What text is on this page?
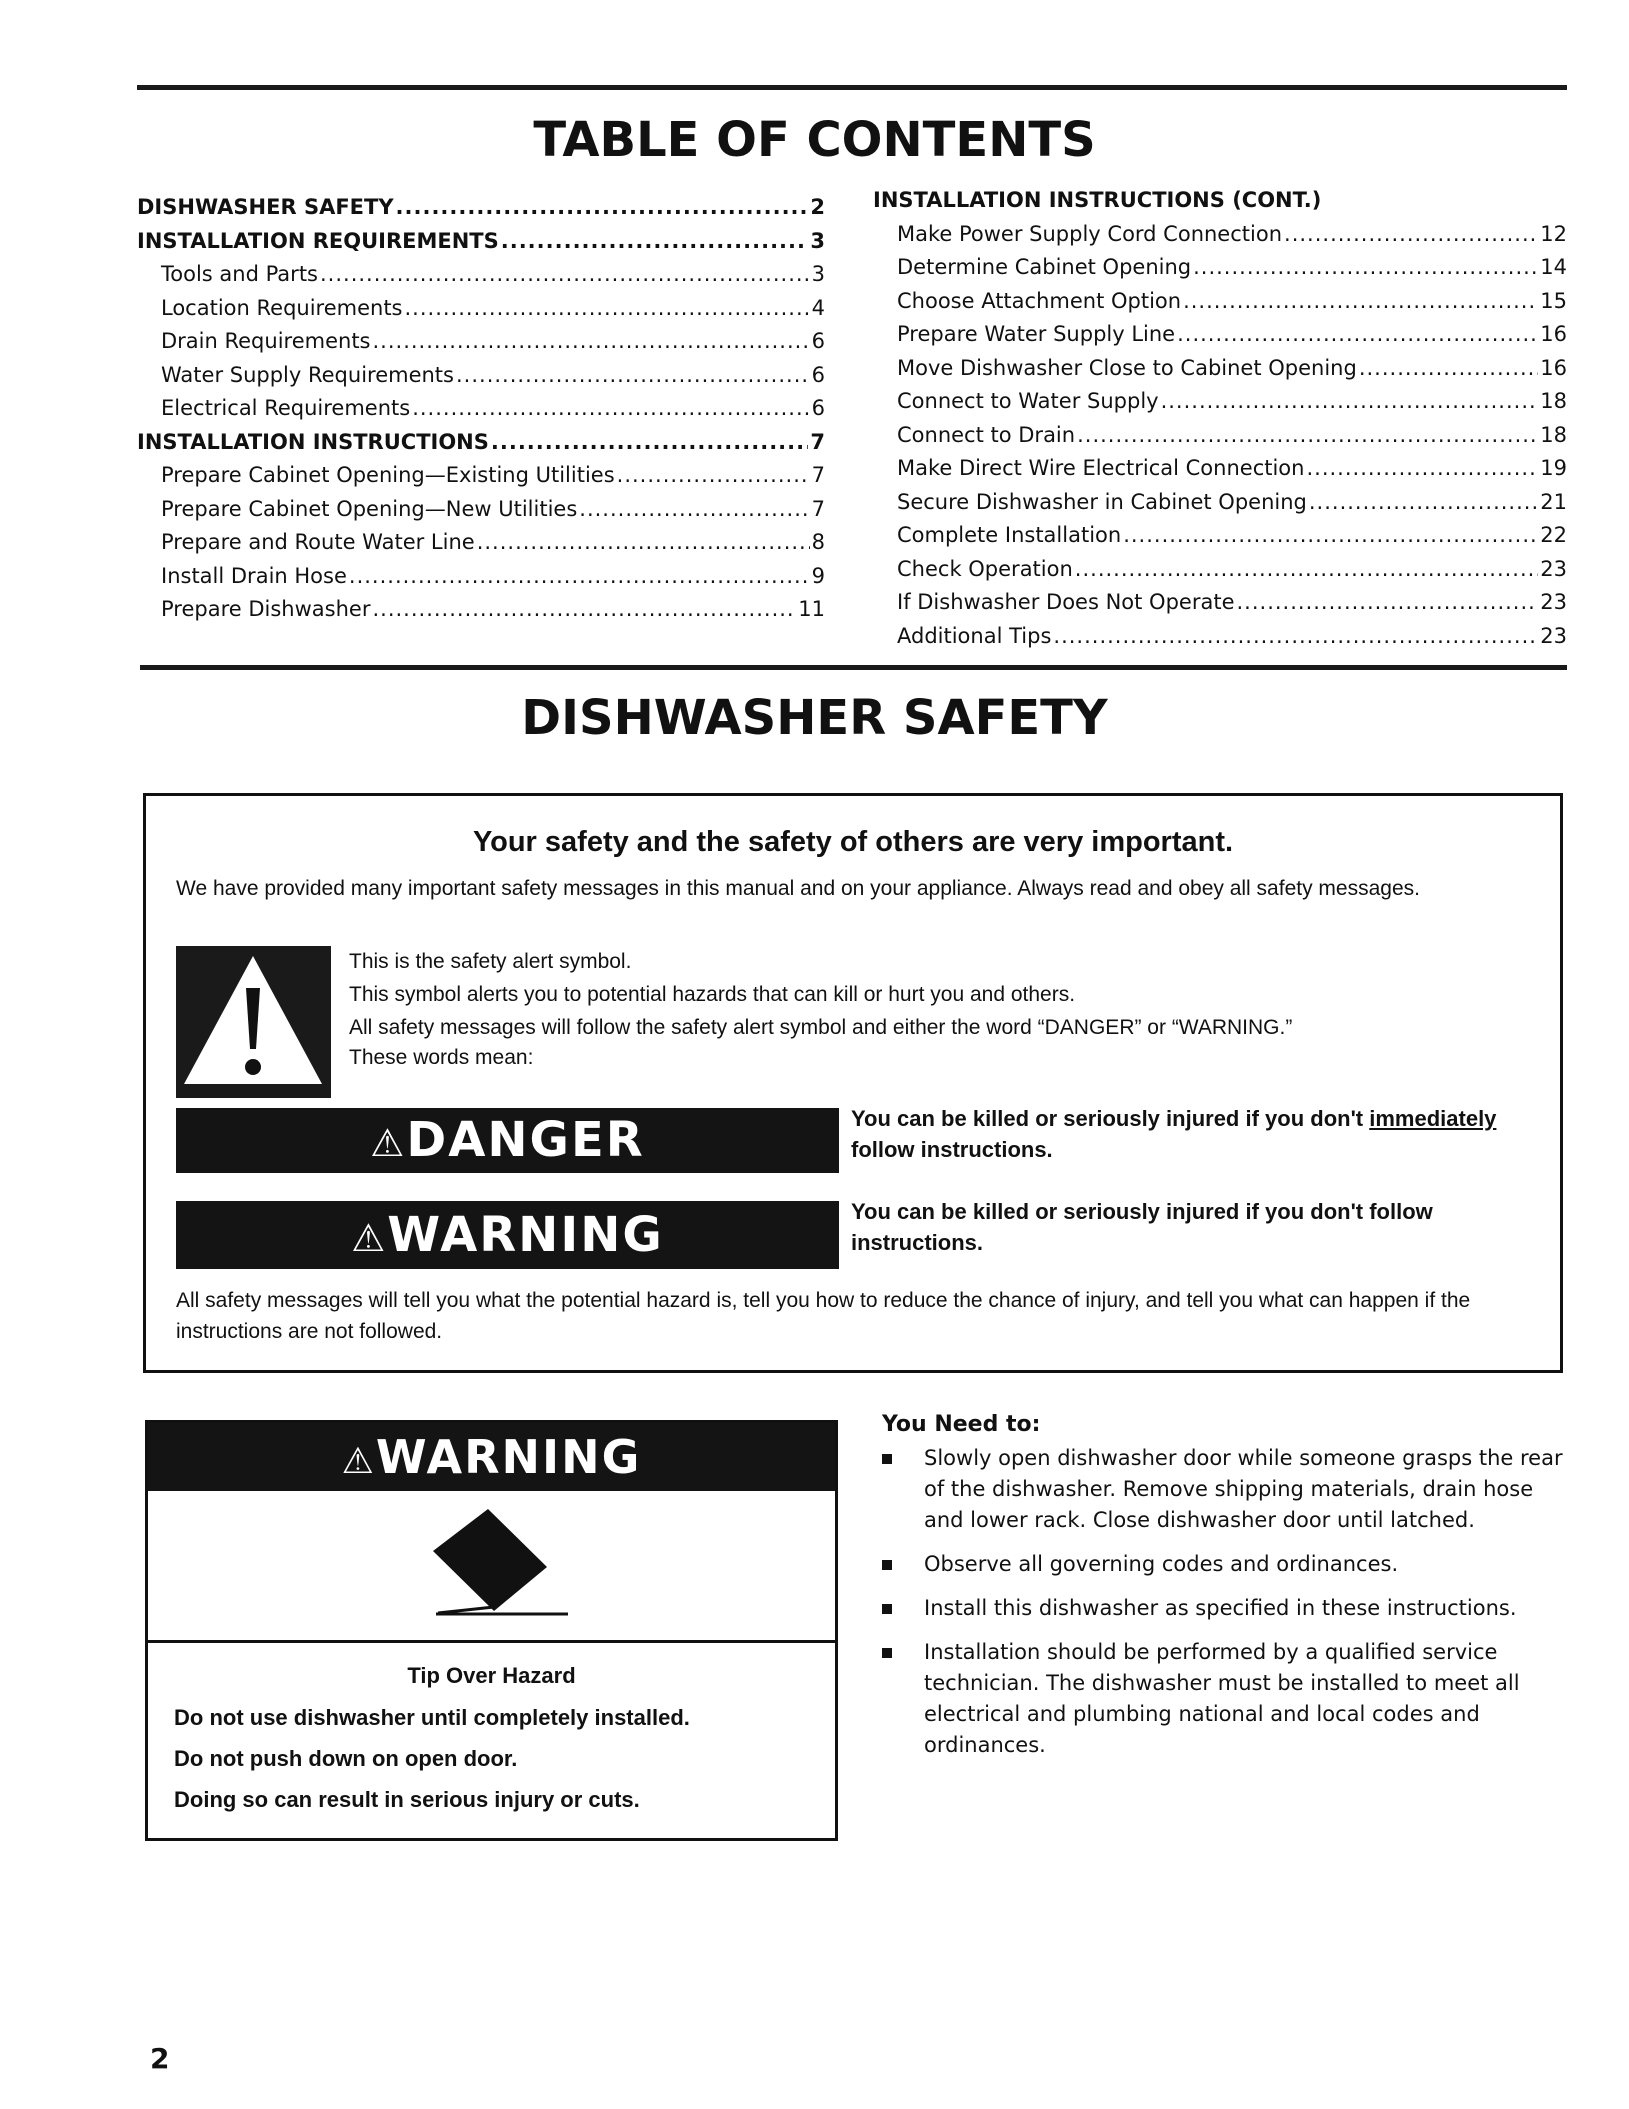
TABLE OF CONTENTS
DISHWASHER SAFETY .....	2
INSTALLATION REQUIREMENTS .....	3
Tools and Parts .....	3
Location Requirements .....	4
Drain Requirements .....	6
Water Supply Requirements .....	6
Electrical Requirements .....	6
INSTALLATION INSTRUCTIONS .....	7
Prepare Cabinet Opening—Existing Utilities .....	7
Prepare Cabinet Opening—New Utilities .....	7
Prepare and Route Water Line .....	8
Install Drain Hose .....	9
Prepare Dishwasher .....	11
INSTALLATION INSTRUCTIONS (CONT.)
Make Power Supply Cord Connection .....	12
Determine Cabinet Opening .....	14
Choose Attachment Option .....	15
Prepare Water Supply Line .....	16
Move Dishwasher Close to Cabinet Opening .....	16
Connect to Water Supply .....	18
Connect to Drain .....	18
Make Direct Wire Electrical Connection .....	19
Secure Dishwasher in Cabinet Opening .....	21
Complete Installation .....	22
Check Operation .....	23
If Dishwasher Does Not Operate .....	23
Additional Tips .....	23
DISHWASHER SAFETY
Your safety and the safety of others are very important.
We have provided many important safety messages in this manual and on your appliance. Always read and obey all safety messages.
This is the safety alert symbol.
This symbol alerts you to potential hazards that can kill or hurt you and others.
All safety messages will follow the safety alert symbol and either the word “DANGER” or “WARNING.”
These words mean:
⚠DANGER	You can be killed or seriously injured if you don't immediately
follow instructions.
⚠WARNING	You can be killed or seriously injured if you don't follow instructions.
All safety messages will tell you what the potential hazard is, tell you how to reduce the chance of injury, and tell you what can happen if the instructions are not followed.
⚠WARNING
Tip Over Hazard
Do not use dishwasher until completely installed.
Do not push down on open door.
Doing so can result in serious injury or cuts.
You Need to:
Slowly open dishwasher door while someone grasps the rear of the dishwasher. Remove shipping materials, drain hose and lower rack. Close dishwasher door until latched.
Observe all governing codes and ordinances.
Install this dishwasher as specified in these instructions.
Installation should be performed by a qualified service technician. The dishwasher must be installed to meet all electrical and plumbing national and local codes and ordinances.
2
